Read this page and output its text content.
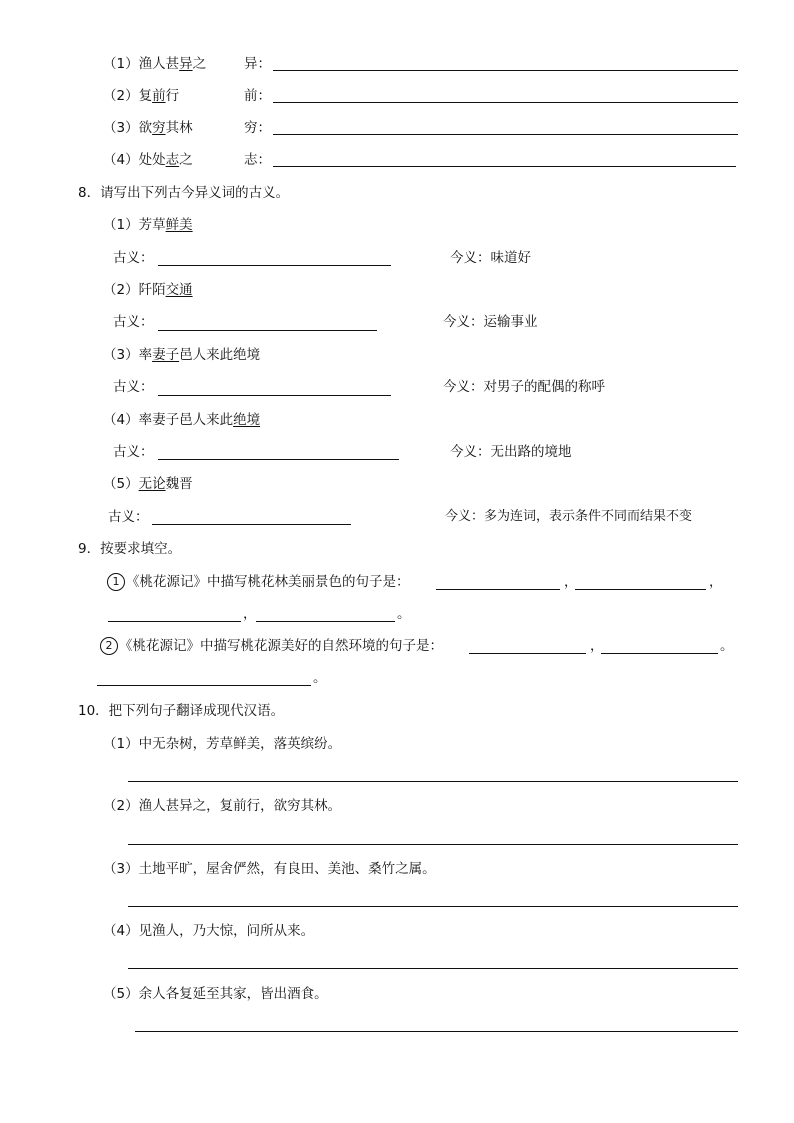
（1）渔人甚异之	异：
（2）复前行	前：
（3）欲穷其林	穷：
（4）处处志之	志：
8．请写出下列古今异义词的古义。
（1）芳草鲜美
古义：	今义：味道好
（2）阡陌交通
古义：	今义：运输事业
（3）率妻子邑人来此绝境
古义：	今义：对男子的配偶的称呼
（4）率妻子邑人来此绝境
古义：	今义：无出路的境地
（5）无论魏晋
古义：	今义：多为连词，表示条件不同而结果不变
9．按要求填空。
1 《桃花源记》中描写桃花林美丽景色的句子是：	，	，
，	。
2 《桃花源记》中描写桃花源美好的自然环境的句子是：	，	。
。
10．把下列句子翻译成现代汉语。
（1）中无杂树，芳草鲜美，落英缤纷。
（2）渔人甚异之，复前行，欲穷其林。
（3）土地平旷，屋舍俨然，有良田、美池、桑竹之属。
（4）见渔人，乃大惊，问所从来。
（5）余人各复延至其家，皆出酒食。
